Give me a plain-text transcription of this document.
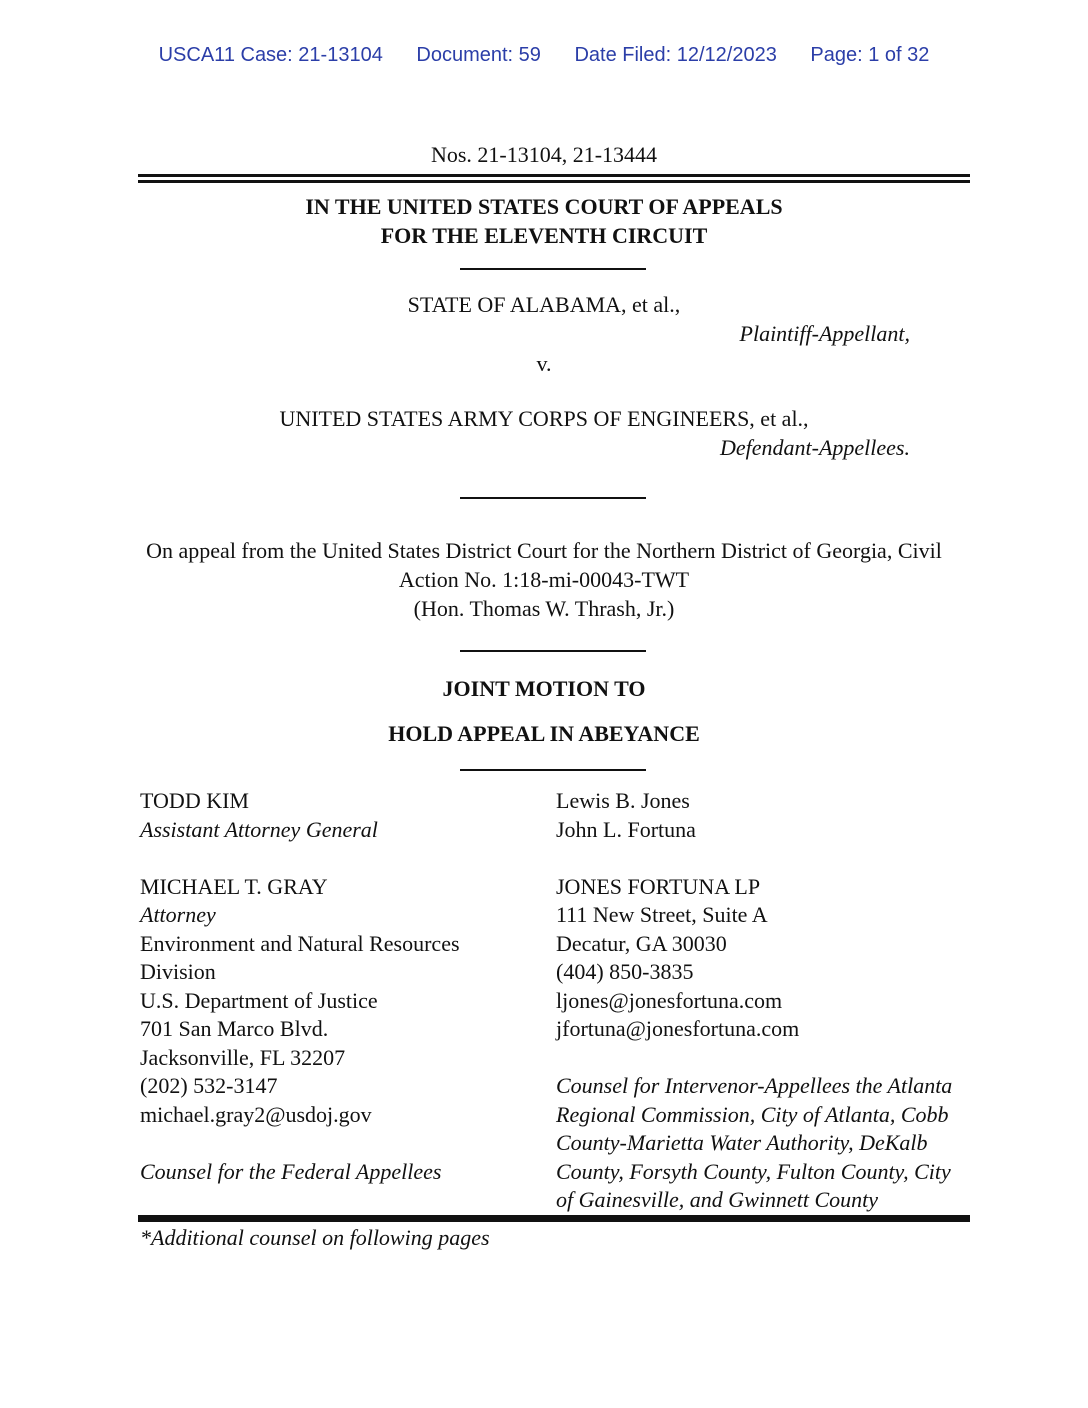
USCA11 Case: 21-13104 Document: 59 Date Filed: 12/12/2023 Page: 1 of 32
Nos. 21-13104, 21-13444
IN THE UNITED STATES COURT OF APPEALS
FOR THE ELEVENTH CIRCUIT
STATE OF ALABAMA, et al.,
Plaintiff-Appellant,
v.
UNITED STATES ARMY CORPS OF ENGINEERS, et al.,
Defendant-Appellees.
On appeal from the United States District Court for the Northern District of Georgia, Civil
Action No. 1:18-mi-00043-TWT
(Hon. Thomas W. Thrash, Jr.)
JOINT MOTION TO
HOLD APPEAL IN ABEYANCE
TODD KIM
Assistant Attorney General
MICHAEL T. GRAY
Attorney
Environment and Natural Resources
Division
U.S. Department of Justice
701 San Marco Blvd.
Jacksonville, FL 32207
(202) 532-3147
michael.gray2@usdoj.gov
Counsel for the Federal Appellees
Lewis B. Jones
John L. Fortuna
JONES FORTUNA LP
111 New Street, Suite A
Decatur, GA 30030
(404) 850-3835
ljones@jonesfortuna.com
jfortuna@jonesfortuna.com
Counsel for Intervenor-Appellees the Atlanta
Regional Commission, City of Atlanta, Cobb
County-Marietta Water Authority, DeKalb
County, Forsyth County, Fulton County, City
of Gainesville, and Gwinnett County
*Additional counsel on following pages
